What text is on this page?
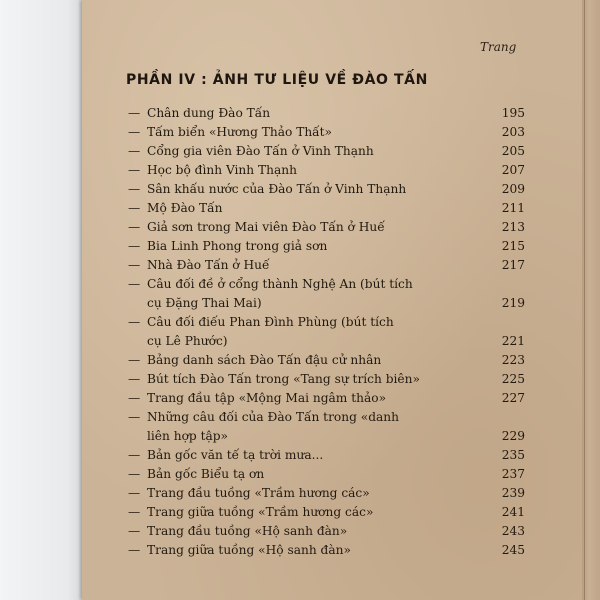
Trang
PHẦN IV : ẢNH TƯ LIỆU VỀ ĐÀO TẤN
— Chân dung Đào Tấn	195
— Tấm biển «Hương Thảo Thất»	203
— Cổng gia viên Đào Tấn ở Vinh Thạnh	205
— Học bộ đình Vinh Thạnh	207
— Sân khấu nước của Đào Tấn ở Vinh Thạnh	209
— Mộ Đào Tấn	211
— Giả sơn trong Mai viên Đào Tấn ở Huế	213
— Bia Linh Phong trong giả sơn	215
— Nhà Đào Tấn ở Huế	217
— Câu đối đề ở cổng thành Nghệ An (bút tích
cụ Đặng Thai Mai)	219
— Câu đối điếu Phan Đình Phùng (bút tích
cụ Lê Phước)	221
— Bảng danh sách Đào Tấn đậu cử nhân	223
— Bút tích Đào Tấn trong «Tang sự trích biên»	225
— Trang đầu tập «Mộng Mai ngâm thảo»	227
— Những câu đối của Đào Tấn trong «danh
liên hợp tập»	229
— Bản gốc văn tế tạ trời mưa...	235
— Bản gốc Biểu tạ ơn	237
— Trang đầu tuồng «Trầm hương các»	239
— Trang giữa tuồng «Trầm hương các»	241
— Trang đầu tuồng «Hộ sanh đàn»	243
— Trang giữa tuồng «Hộ sanh đàn»	245
